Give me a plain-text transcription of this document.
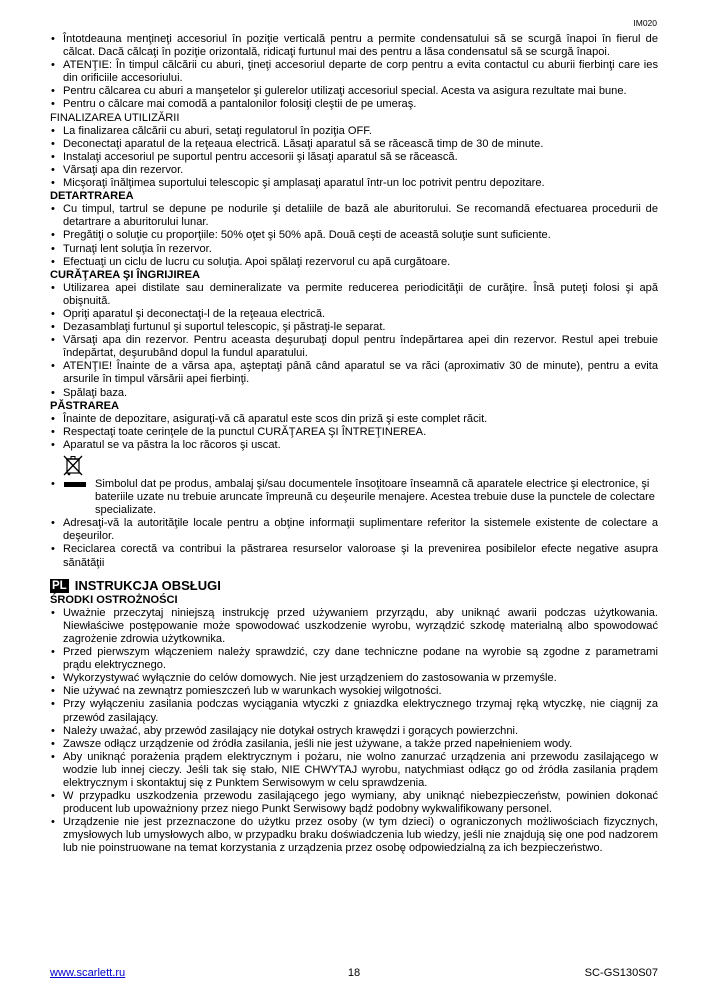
IM020
• Întotdeauna menţineţi accesoriul în poziţie verticală pentru a permite condensatului să se scurgă înapoi în fierul de călcat. Dacă călcaţi în poziţie orizontală, ridicaţi furtunul mai des pentru a lăsa condensatul să se scurgă înapoi.
• ATENŢIE: În timpul călcării cu aburi, ţineţi accesoriul departe de corp pentru a evita contactul cu aburii fierbinţi care ies din orificiile accesoriului.
• Pentru călcarea cu aburi a manşetelor şi gulerelor utilizaţi accesoriul special. Acesta va asigura rezultate mai bune.
• Pentru o călcare mai comodă a pantalonilor folosiţi cleştii de pe umeraş.
FINALIZAREA UTILIZĂRII
• La finalizarea călcării cu aburi, setaţi regulatorul în poziţia OFF.
• Deconectaţi aparatul de la reţeaua electrică. Lăsaţi aparatul să se răcească timp de 30 de minute.
• Instalaţi accesoriul pe suportul pentru accesorii şi lăsaţi aparatul să se răcească.
• Vărsaţi apa din rezervor.
• Micşoraţi înălţimea suportului telescopic şi amplasaţi aparatul într-un loc potrivit pentru depozitare.
DETARTRAREA
• Cu timpul, tartrul se depune pe nodurile şi detaliile de bază ale aburitorului. Se recomandă efectuarea procedurii de detartrare a aburitorului lunar.
• Pregătiţi o soluţie cu proporţiile: 50% oţet şi 50% apă. Două ceşti de această soluţie sunt suficiente.
• Turnaţi lent soluţia în rezervor.
• Efectuaţi un ciclu de lucru cu soluţia. Apoi spălaţi rezervorul cu apă curgătoare.
CURĂŢAREA ŞI ÎNGRIJIREA
• Utilizarea apei distilate sau demineralizate va permite reducerea periodicităţii de curăţire. Însă puteţi folosi şi apă obişnuită.
• Opriţi aparatul şi deconectaţi-l de la reţeaua electrică.
• Dezasamblaţi furtunul şi suportul telescopic, şi păstraţi-le separat.
• Vărsaţi apa din rezervor. Pentru aceasta deşurubaţi dopul pentru îndepărtarea apei din rezervor. Restul apei trebuie îndepărtat, deşurubând dopul la fundul aparatului.
• ATENŢIE! Înainte de a vărsa apa, aşteptaţi până când aparatul se va răci (aproximativ 30 de minute), pentru a evita arsurile în timpul vărsării apei fierbinţi.
• Spălaţi baza.
PĂSTRAREA
• Înainte de depozitare, asiguraţi-vă că aparatul este scos din priză şi este complet răcit.
• Respectaţi toate cerinţele de la punctul CURĂŢAREA ŞI ÎNTREŢINEREA.
• Aparatul se va păstra la loc răcoros şi uscat.
• Simbolul dat pe produs, ambalaj şi/sau documentele însoţitoare înseamnă că aparatele electrice şi electronice, şi bateriile uzate nu trebuie aruncate împreună cu deşeurile menajere. Acestea trebuie duse la punctele de colectare specializate.
• Adresaţi-vă la autorităţile locale pentru a obţine informaţii suplimentare referitor la sistemele existente de colectare a deşeurilor.
• Reciclarea corectă va contribui la păstrarea resurselor valoroase şi la prevenirea posibilelor efecte negative asupra sănătăţii
PL INSTRUKCJA OBSŁUGI
ŚRODKI OSTROŻNOŚCI
• Uważnie przeczytaj niniejszą instrukcję przed używaniem przyrządu, aby uniknąć awarii podczas użytkowania. Niewłaściwe postępowanie może spowodować uszkodzenie wyrobu, wyrządzić szkodę materialną albo spowodować zagrożenie zdrowia użytkownika.
• Przed pierwszym włączeniem należy sprawdzić, czy dane techniczne podane na wyrobie są zgodne z parametrami prądu elektrycznego.
• Wykorzystywać wyłącznie do celów domowych. Nie jest urządzeniem do zastosowania w przemyśle.
• Nie używać na zewnątrz pomieszczeń lub w warunkach wysokiej wilgotności.
• Przy wyłączeniu zasilania podczas wyciągania wtyczki z gniazdka elektrycznego trzymaj ręką wtyczkę, nie ciągnij za przewód zasilający.
• Należy uważać, aby przewód zasilający nie dotykał ostrych krawędzi i gorących powierzchni.
• Zawsze odłącz urządzenie od źródła zasilania, jeśli nie jest używane, a także przed napełnieniem wody.
• Aby uniknąć porażenia prądem elektrycznym i pożaru, nie wolno zanurzać urządzenia ani przewodu zasilającego w wodzie lub innej cieczy. Jeśli tak się stało, NIE CHWYTAJ wyrobu, natychmiast odłącz go od źródła zasilania prądem elektrycznym i skontaktuj się z Punktem Serwisowym w celu sprawdzenia.
• W przypadku uszkodzenia przewodu zasilającego jego wymiany, aby uniknąć niebezpieczeństw, powinien dokonać producent lub upoważniony przez niego Punkt Serwisowy bądź podobny wykwalifikowany personel.
• Urządzenie nie jest przeznaczone do użytku przez osoby (w tym dzieci) o ograniczonych możliwościach fizycznych, zmysłowych lub umysłowych albo, w przypadku braku doświadczenia lub wiedzy, jeśli nie znajdują się one pod nadzorem lub nie poinstruowane na temat korzystania z urządzenia przez osobę odpowiedzialną za ich bezpieczeństwo.
18
www.scarlett.ru	SC-GS130S07
